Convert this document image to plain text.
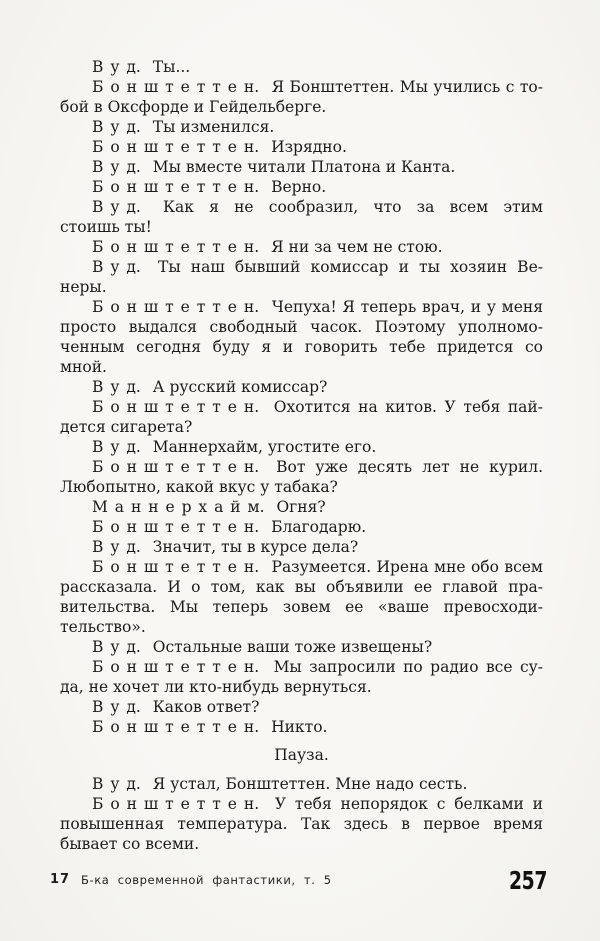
В у д. Ты...
Б о н ш т е т т е н. Я Бонштеттен. Мы учились с то-
бой в Оксфорде и Гейдельберге.
В у д. Ты изменился.
Б о н ш т е т т е н. Изрядно.
В у д. Мы вместе читали Платона и Канта.
Б о н ш т е т т е н. Верно.
В у д. Как я не сообразил, что за всем этим
стоишь ты!
Б о н ш т е т т е н. Я ни за чем не стою.
В у д. Ты наш бывший комиссар и ты хозяин Ве-
неры.
Б о н ш т е т т е н. Чепуха! Я теперь врач, и у меня
просто выдался свободный часок. Поэтому уполномо-
ченным сегодня буду я и говорить тебе придется со
мной.
В у д. А русский комиссар?
Б о н ш т е т т е н. Охотится на китов. У тебя пай-
дется сигарета?
В у д. Маннерхайм, угостите его.
Б о н ш т е т т е н. Вот уже десять лет не курил.
Любопытно, какой вкус у табака?
М а н н е р х а й м. Огня?
Б о н ш т е т т е н. Благодарю.
В у д. Значит, ты в курсе дела?
Б о н ш т е т т е н. Разумеется. Ирена мне обо всем
рассказала. И о том, как вы объявили ее главой пра-
вительства. Мы теперь зовем ее «ваше превосходи-
тельство».
В у д. Остальные ваши тоже извещены?
Б о н ш т е т т е н. Мы запросили по радио все су-
да, не хочет ли кто-нибудь вернуться.
В у д. Каков ответ?
Б о н ш т е т т е н. Никто.
Пауза.
В у д. Я устал, Бонштеттен. Мне надо сесть.
Б о н ш т е т т е н. У тебя непорядок с белками и
повышенная температура. Так здесь в первое время
бывает со всеми.
17 Б-ка современной фантастики, т. 5	257
